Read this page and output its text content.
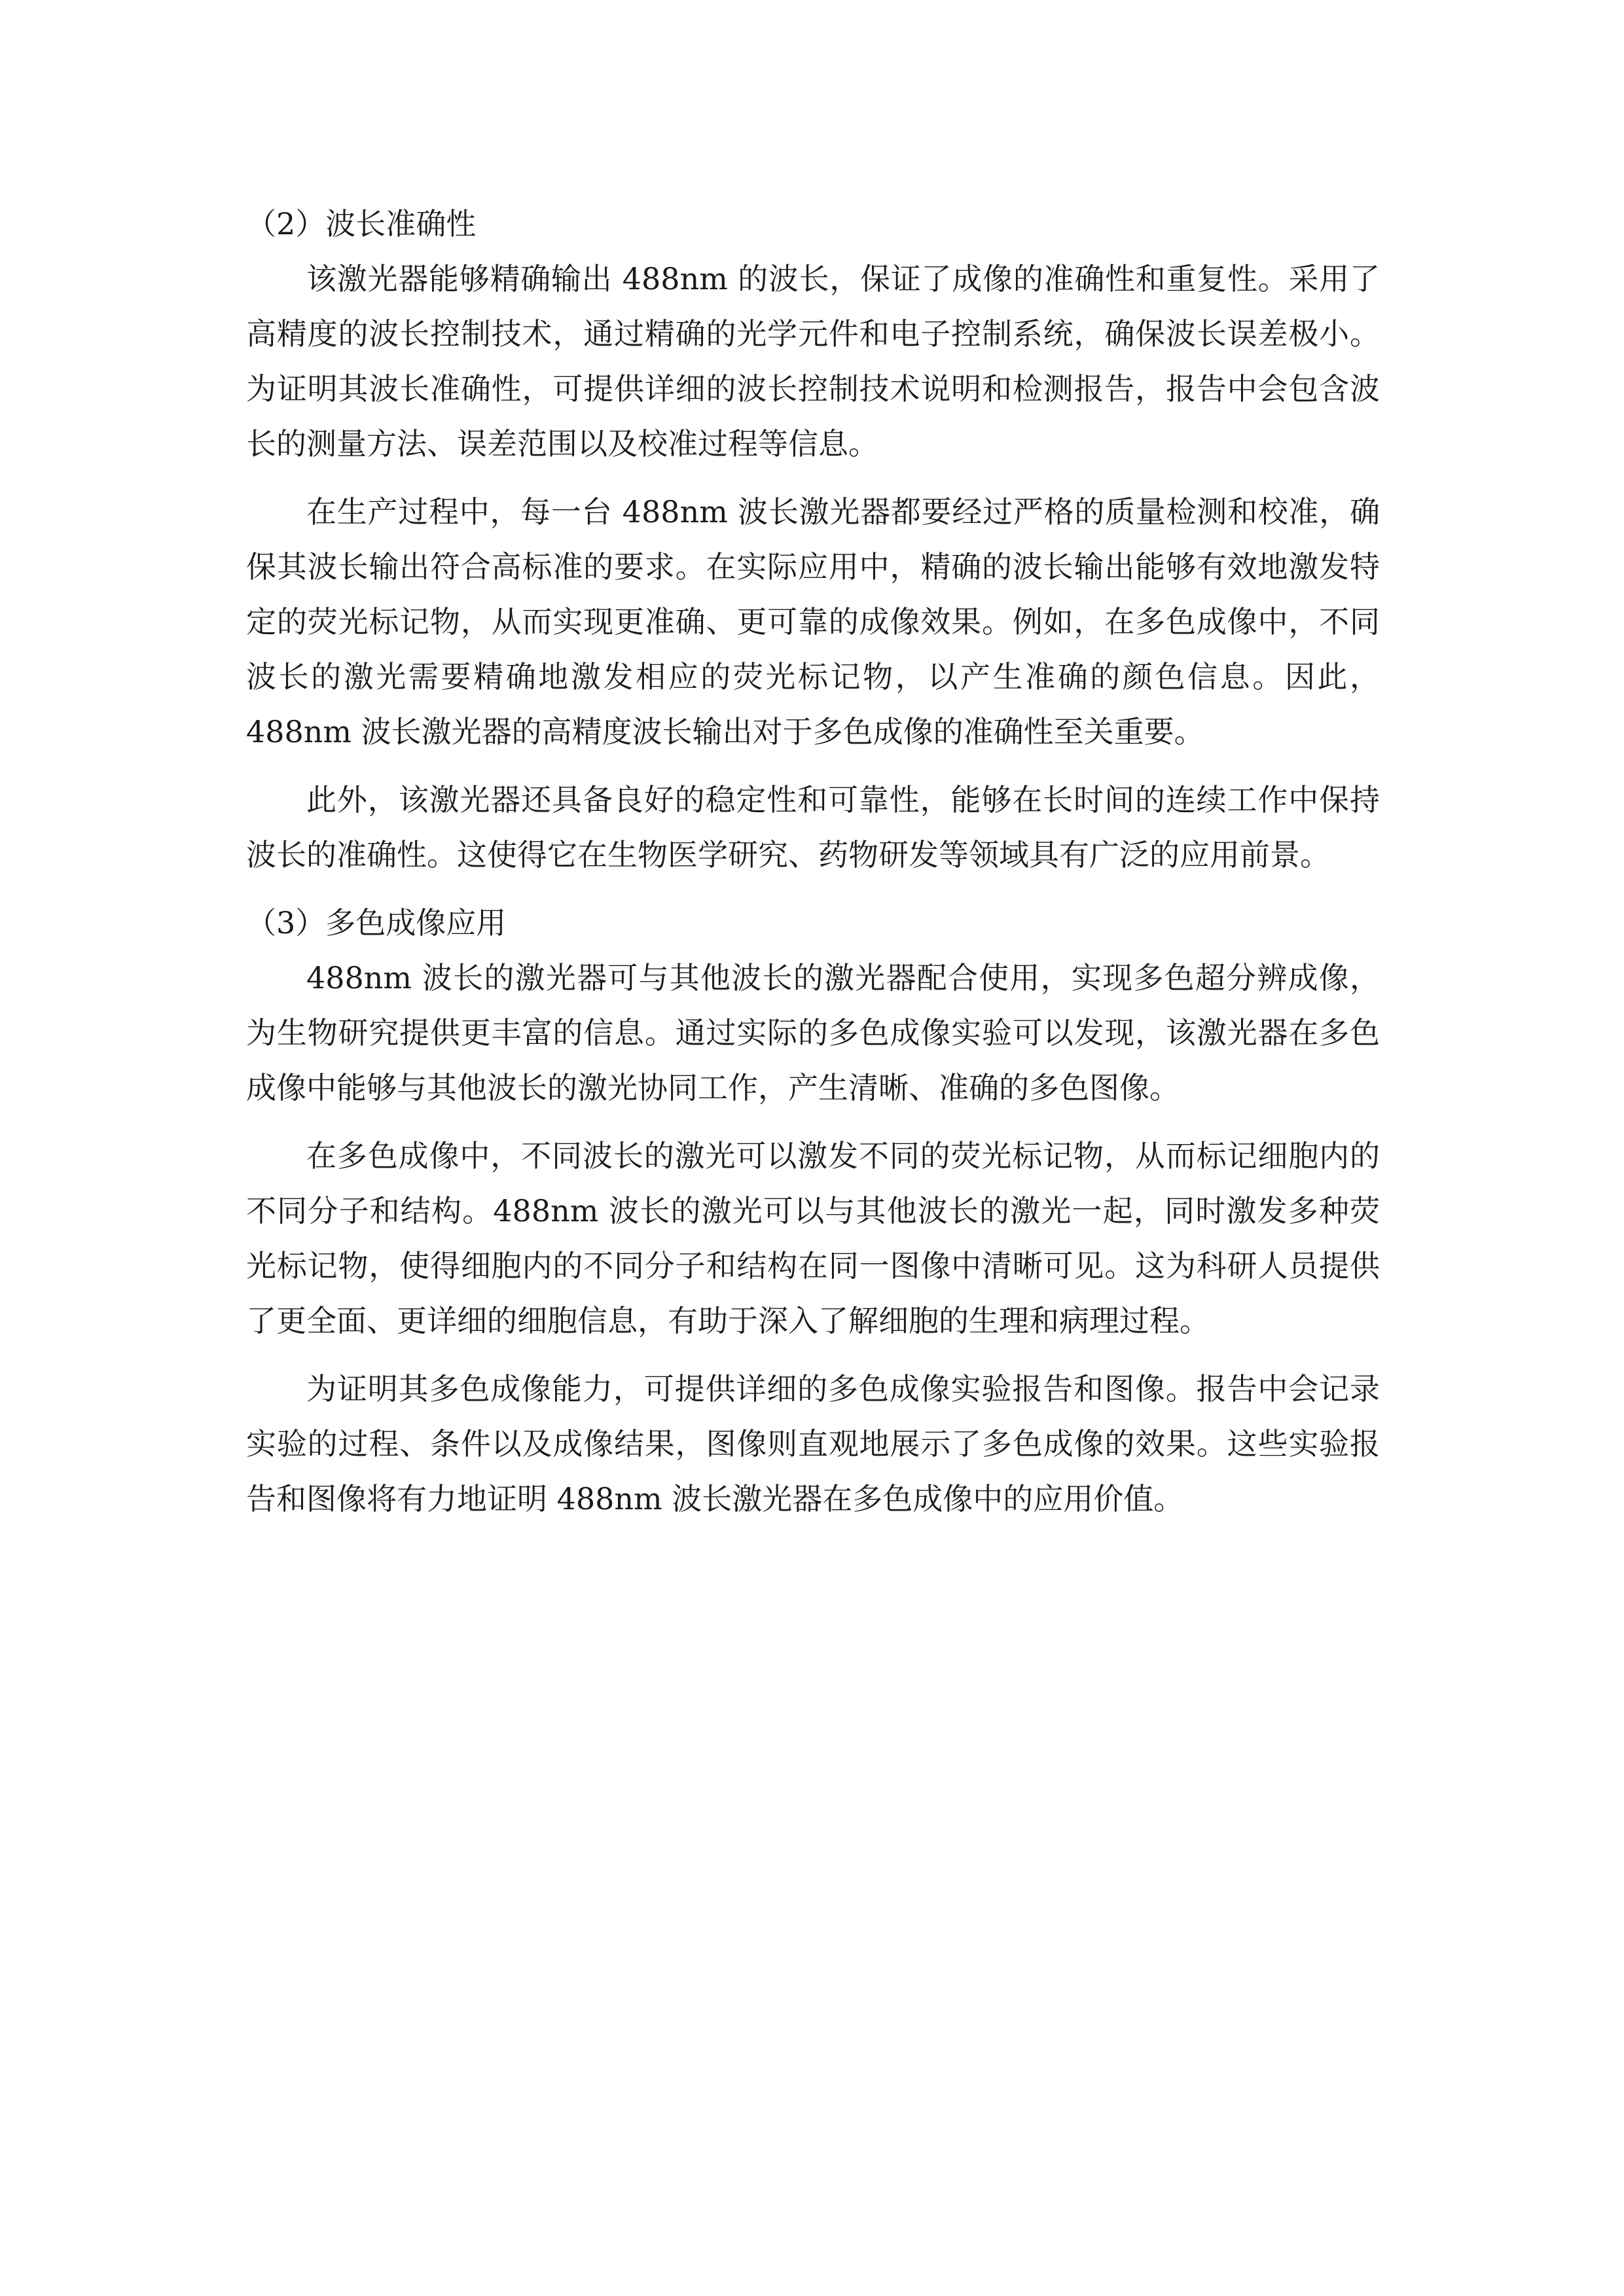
（2）波长准确性

该激光器能够精确输出 488nm 的波长，保证了成像的准确性和重复性。采用了高精度的波长控制技术，通过精确的光学元件和电子控制系统，确保波长误差极小。为证明其波长准确性，可提供详细的波长控制技术说明和检测报告，报告中会包含波长的测量方法、误差范围以及校准过程等信息。

在生产过程中，每一台 488nm 波长激光器都要经过严格的质量检测和校准，确保其波长输出符合高标准的要求。在实际应用中，精确的波长输出能够有效地激发特定的荧光标记物，从而实现更准确、更可靠的成像效果。例如，在多色成像中，不同波长的激光需要精确地激发相应的荧光标记物，以产生准确的颜色信息。因此，488nm 波长激光器的高精度波长输出对于多色成像的准确性至关重要。

此外，该激光器还具备良好的稳定性和可靠性，能够在长时间的连续工作中保持波长的准确性。这使得它在生物医学研究、药物研发等领域具有广泛的应用前景。

（3）多色成像应用

488nm 波长的激光器可与其他波长的激光器配合使用，实现多色超分辨成像，为生物研究提供更丰富的信息。通过实际的多色成像实验可以发现，该激光器在多色成像中能够与其他波长的激光协同工作，产生清晰、准确的多色图像。

在多色成像中，不同波长的激光可以激发不同的荧光标记物，从而标记细胞内的不同分子和结构。488nm 波长的激光可以与其他波长的激光一起，同时激发多种荧光标记物，使得细胞内的不同分子和结构在同一图像中清晰可见。这为科研人员提供了更全面、更详细的细胞信息，有助于深入了解细胞的生理和病理过程。

为证明其多色成像能力，可提供详细的多色成像实验报告和图像。报告中会记录实验的过程、条件以及成像结果，图像则直观地展示了多色成像的效果。这些实验报告和图像将有力地证明 488nm 波长激光器在多色成像中的应用价值。
